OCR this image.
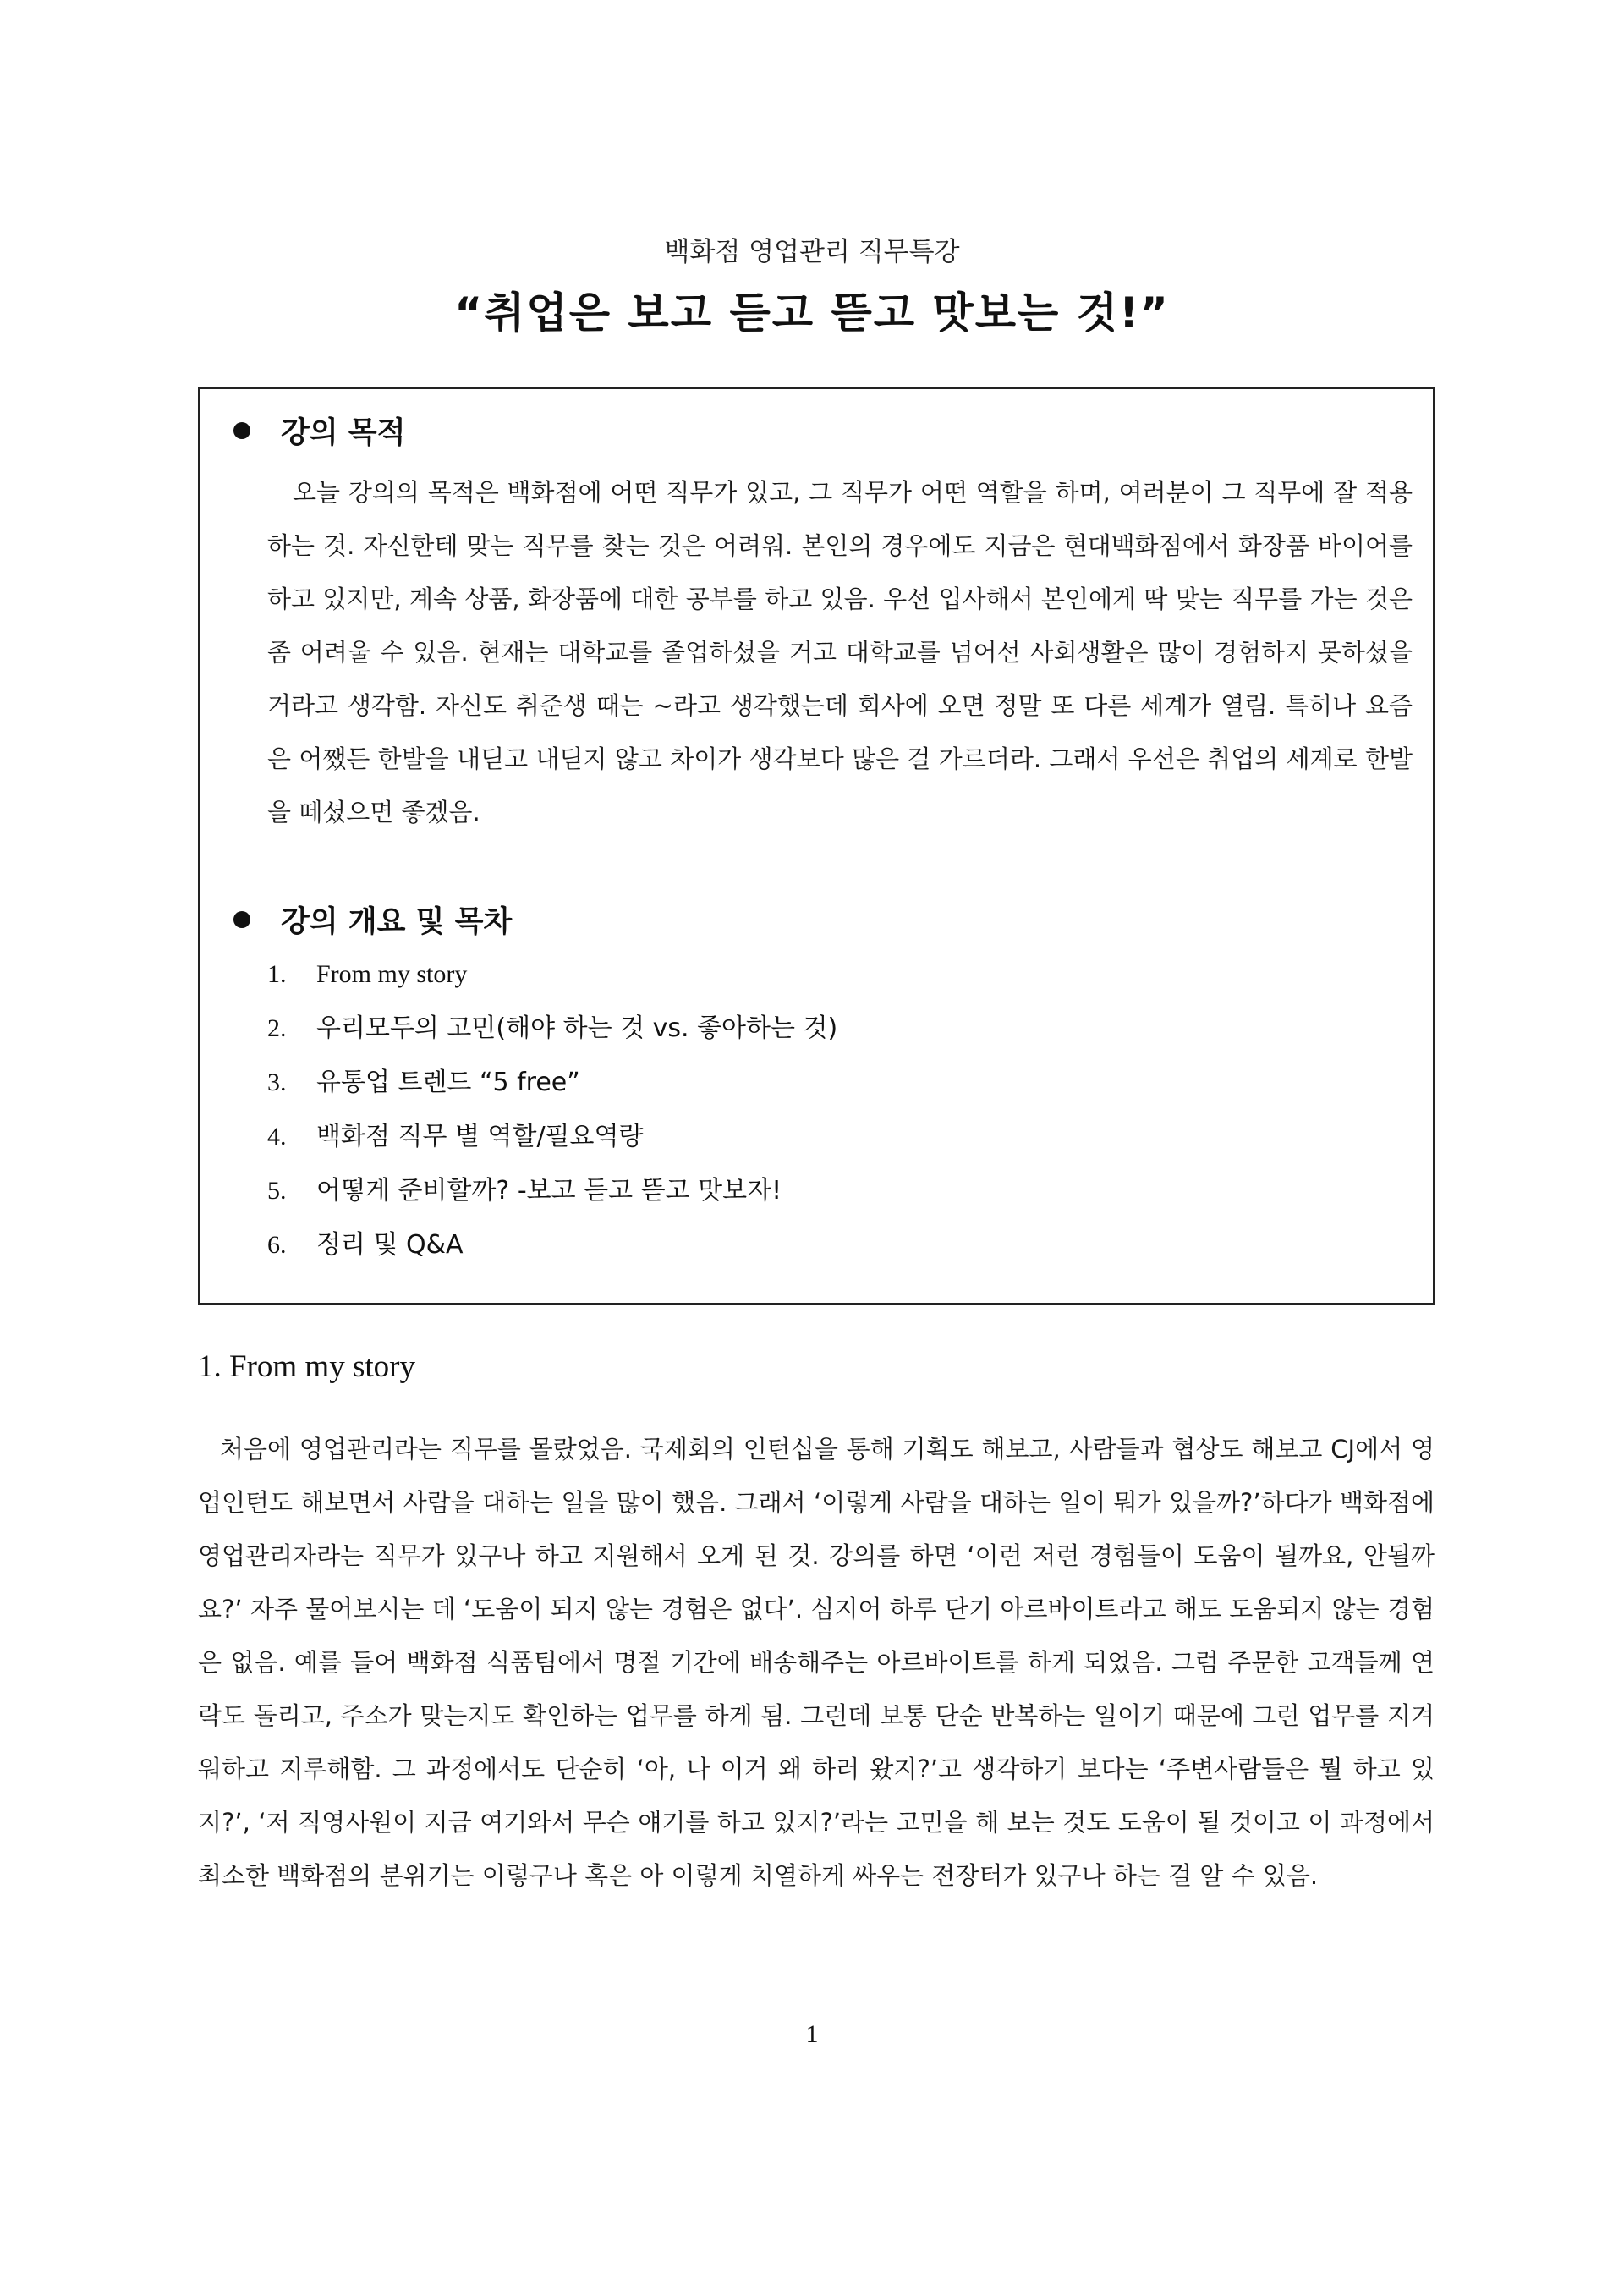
백화점 영업관리 직무특강
“취업은 보고 듣고 뜯고 맛보는 것!”
강의 목적
오늘 강의의 목적은 백화점에 어떤 직무가 있고, 그 직무가 어떤 역할을 하며, 여러분이 그 직무에 잘 적용하는 것. 자신한테 맞는 직무를 찾는 것은 어려워. 본인의 경우에도 지금은 현대백화점에서 화장품 바이어를 하고 있지만, 계속 상품, 화장품에 대한 공부를 하고 있음. 우선 입사해서 본인에게 딱 맞는 직무를 가는 것은 좀 어려울 수 있음. 현재는 대학교를 졸업하셨을 거고 대학교를 넘어선 사회생활은 많이 경험하지 못하셨을 거라고 생각함. 자신도 취준생 때는 ~라고 생각했는데 회사에 오면 정말 또 다른 세계가 열림. 특히나 요즘은 어쨌든 한발을 내딛고 내딛지 않고 차이가 생각보다 많은 걸 가르더라. 그래서 우선은 취업의 세계로 한발을 떼셨으면 좋겠음.
강의 개요 및 목차
1.	From my story
2.	우리모두의 고민(해야 하는 것 vs. 좋아하는 것)
3.	유통업 트렌드 “5 free”
4.	백화점 직무 별 역할/필요역량
5.	어떻게 준비할까? -보고 듣고 뜯고 맛보자!
6.	정리 및 Q&A
1. From my story
처음에 영업관리라는 직무를 몰랐었음. 국제회의 인턴십을 통해 기획도 해보고, 사람들과 협상도 해보고 CJ에서 영업인턴도 해보면서 사람을 대하는 일을 많이 했음. 그래서 ‘이렇게 사람을 대하는 일이 뭐가 있을까?’하다가 백화점에 영업관리자라는 직무가 있구나 하고 지원해서 오게 된 것. 강의를 하면 ‘이런 저런 경험들이 도움이 될까요, 안될까요?’ 자주 물어보시는 데 ‘도움이 되지 않는 경험은 없다’. 심지어 하루 단기 아르바이트라고 해도 도움되지 않는 경험은 없음. 예를 들어 백화점 식품팀에서 명절 기간에 배송해주는 아르바이트를 하게 되었음. 그럼 주문한 고객들께 연락도 돌리고, 주소가 맞는지도 확인하는 업무를 하게 됨. 그런데 보통 단순 반복하는 일이기 때문에 그런 업무를 지겨워하고 지루해함. 그 과정에서도 단순히 ‘아, 나 이거 왜 하러 왔지?’고 생각하기 보다는 ‘주변사람들은 뭘 하고 있지?’, ‘저 직영사원이 지금 여기와서 무슨 얘기를 하고 있지?’라는 고민을 해 보는 것도 도움이 될 것이고 이 과정에서 최소한 백화점의 분위기는 이렇구나 혹은 아 이렇게 치열하게 싸우는 전장터가 있구나 하는 걸 알 수 있음.
1
